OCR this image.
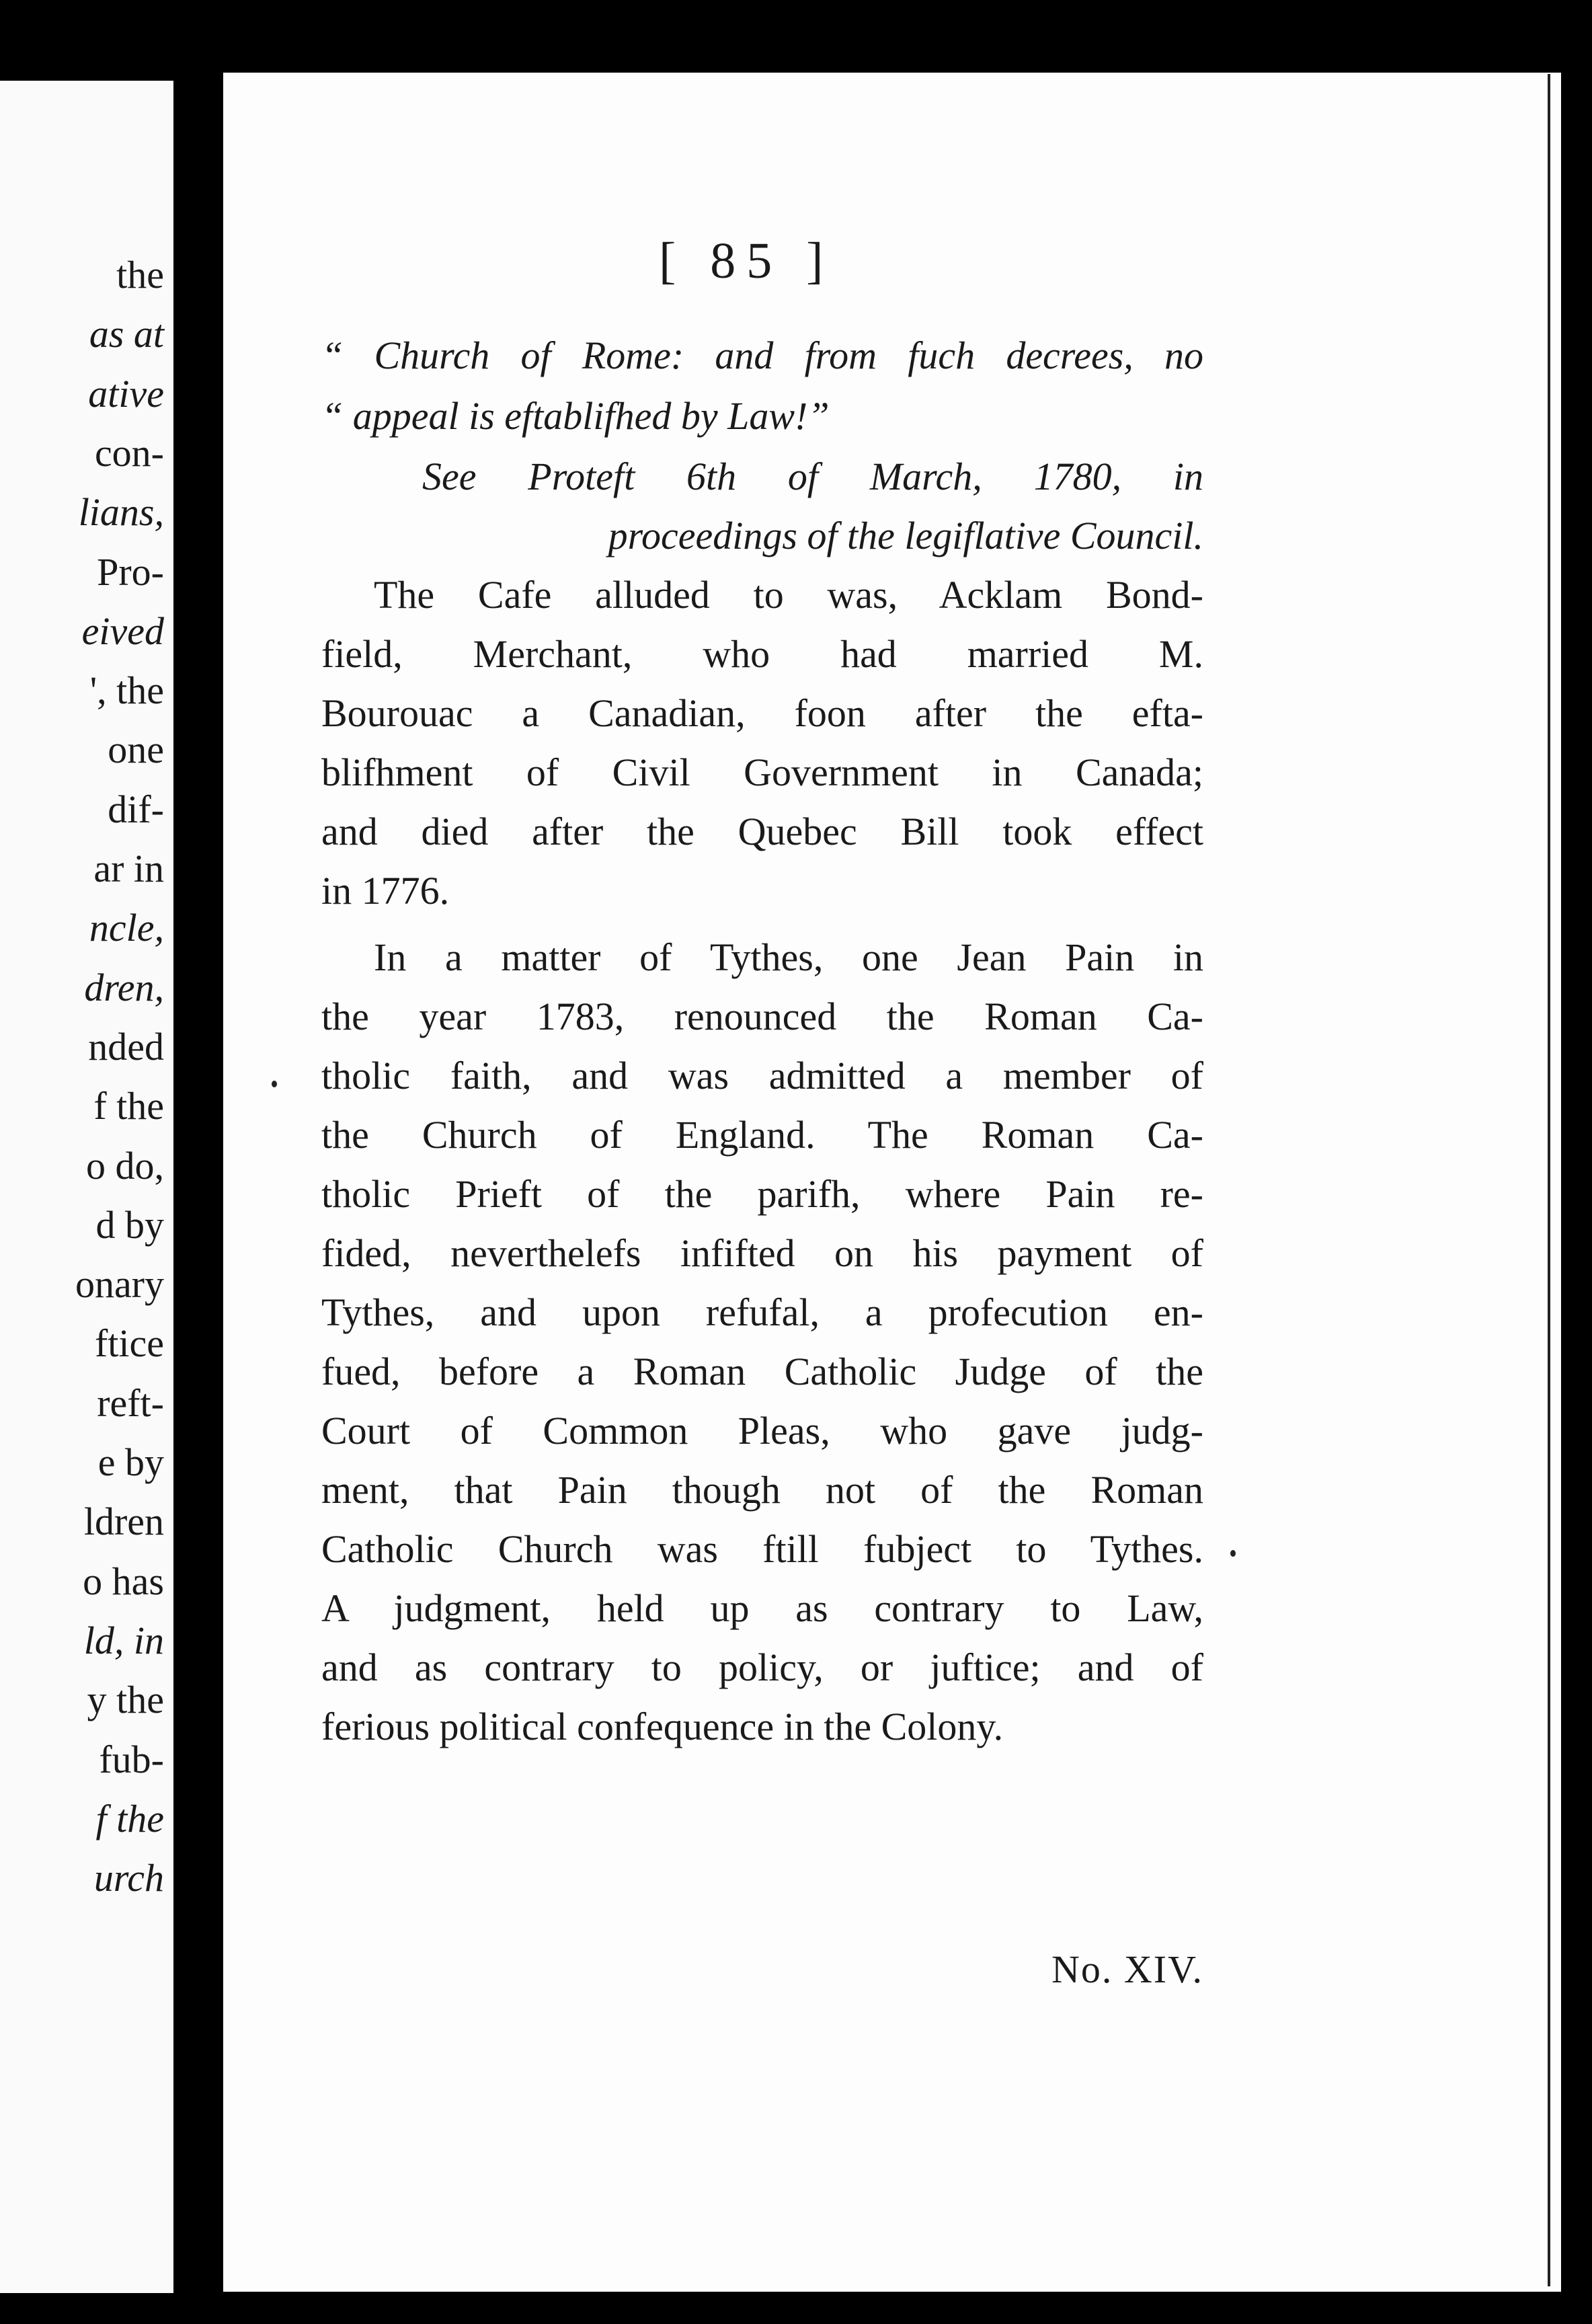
the
as at
ative
con-
lians,
Pro-
eived
', the
one
dif-
ar in
ncle,
dren,
nded
f the
o do,
d by
onary
ftice
reft-
e by
ldren
o has
ld, in
y the
fub-
f the
urch
[ 85 ]
“ Church of Rome: and from fuch decrees, no
“ appeal is eftablifhed by Law!”
See Proteft 6th of March, 1780, in
proceedings of the legiflative Council.
The Cafe alluded to was, Acklam Bond-
field, Merchant, who had married M.
Bourouac a Canadian, foon after the efta-
blifhment of Civil Government in Canada;
and died after the Quebec Bill took effect
in 1776.
In a matter of Tythes, one Jean Pain in
the year 1783, renounced the Roman Ca-
tholic faith, and was admitted a member of
the Church of England. The Roman Ca-
tholic Prieft of the parifh, where Pain re-
fided, neverthelefs infifted on his payment of
Tythes, and upon refufal, a profecution en-
fued, before a Roman Catholic Judge of the
Court of Common Pleas, who gave judg-
ment, that Pain though not of the Roman
Catholic Church was ftill fubject to Tythes.
A judgment, held up as contrary to Law,
and as contrary to policy, or juftice; and of
ferious political confequence in the Colony.
No. XIV.
